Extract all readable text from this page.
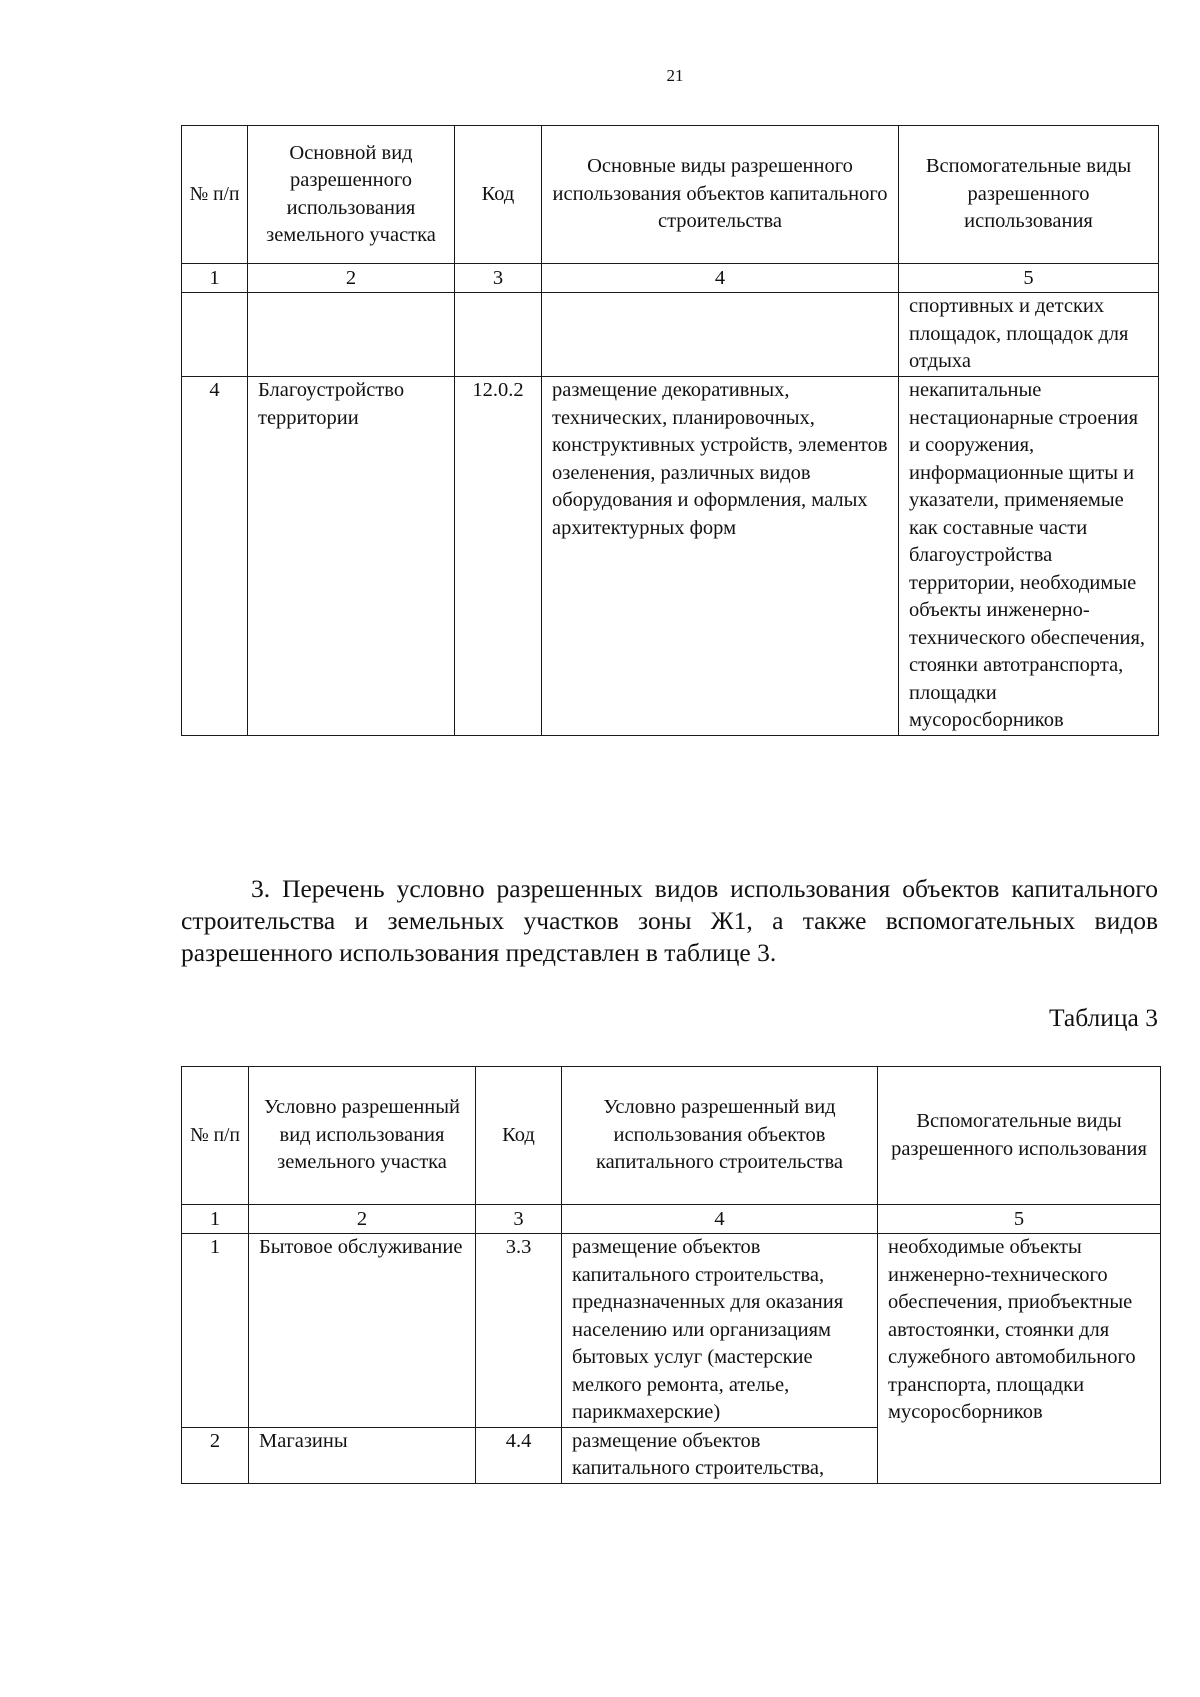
21
№ п/п	Основной вид разрешенного использования земельного участка	Код	Основные виды разрешенного использования объектов капитального строительства	Вспомогательные виды разрешенного использования
1	2	3	4	5
				спортивных и детских площадок, площадок для отдыха
4	Благоустройство территории	12.0.2	размещение декоративных, технических, планировочных, конструктивных устройств, элементов озеленения, различных видов оборудования и оформления, малых архитектурных форм	некапитальные нестационарные строения и сооружения, информационные щиты и указатели, применяемые как составные части благоустройства территории, необходимые объекты инженерно-технического обеспечения, стоянки автотранспорта, площадки мусоросборников

3. Перечень условно разрешенных видов использования объектов капитального строительства и земельных участков зоны Ж1, а также вспомогательных видов разрешенного использования представлен в таблице 3.

Таблица 3
№ п/п	Условно разрешенный вид использования земельного участка	Код	Условно разрешенный вид использования объектов капитального строительства	Вспомогательные виды разрешенного использования
1	2	3	4	5
1	Бытовое обслуживание	3.3	размещение объектов капитального строительства, предназначенных для оказания населению или организациям бытовых услуг (мастерские мелкого ремонта, ателье, парикмахерские)	необходимые объекты инженерно-технического обеспечения, приобъектные автостоянки, стоянки для служебного автомобильного транспорта, площадки мусоросборников
2	Магазины	4.4	размещение объектов капитального строительства,	
